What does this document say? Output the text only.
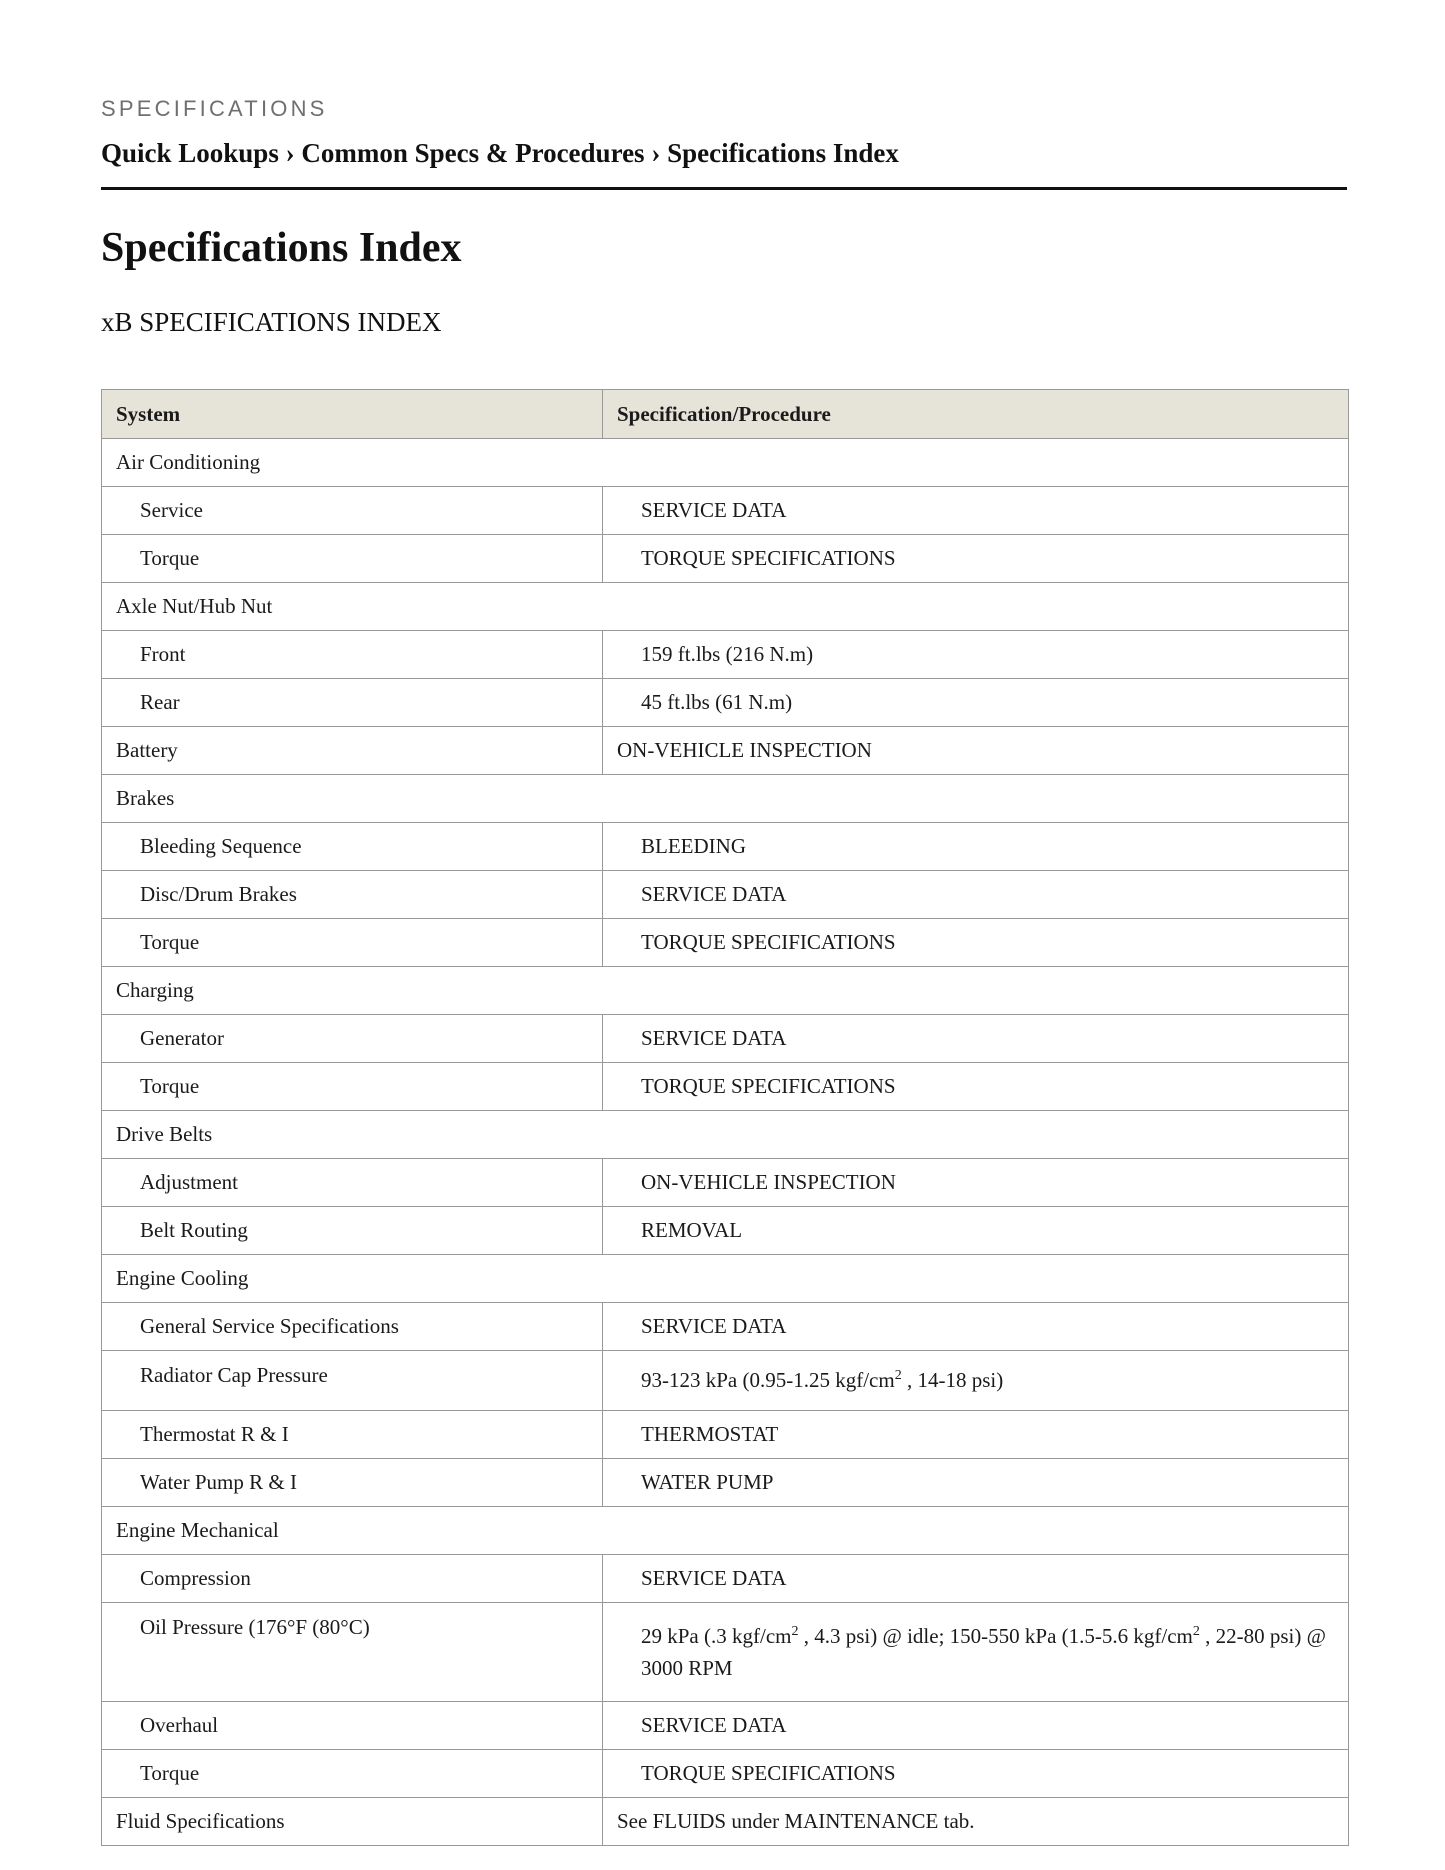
SPECIFICATIONS
Quick Lookups › Common Specs & Procedures › Specifications Index
Specifications Index
xB SPECIFICATIONS INDEX
System	Specification/Procedure
Air Conditioning	
Service	SERVICE DATA
Torque	TORQUE SPECIFICATIONS
Axle Nut/Hub Nut	
Front	159 ft.lbs (216 N.m)
Rear	45 ft.lbs (61 N.m)
Battery	ON-VEHICLE INSPECTION
Brakes	
Bleeding Sequence	BLEEDING
Disc/Drum Brakes	SERVICE DATA
Torque	TORQUE SPECIFICATIONS
Charging	
Generator	SERVICE DATA
Torque	TORQUE SPECIFICATIONS
Drive Belts	
Adjustment	ON-VEHICLE INSPECTION
Belt Routing	REMOVAL
Engine Cooling	
General Service Specifications	SERVICE DATA
Radiator Cap Pressure	93-123 kPa (0.95-1.25 kgf/$cm^2$ , 14-18 psi)
Thermostat R & I	THERMOSTAT
Water Pump R & I	WATER PUMP
Engine Mechanical	
Compression	SERVICE DATA
Oil Pressure (176°F (80°C)	29 kPa (.3 kgf/$cm^2$ , 4.3 psi) @ idle; 150-550 kPa (1.5-5.6 kgf/$cm^2$ , 22-80 psi) @ 3000 RPM
Overhaul	SERVICE DATA
Torque	TORQUE SPECIFICATIONS
Fluid Specifications	See FLUIDS under MAINTENANCE tab.
